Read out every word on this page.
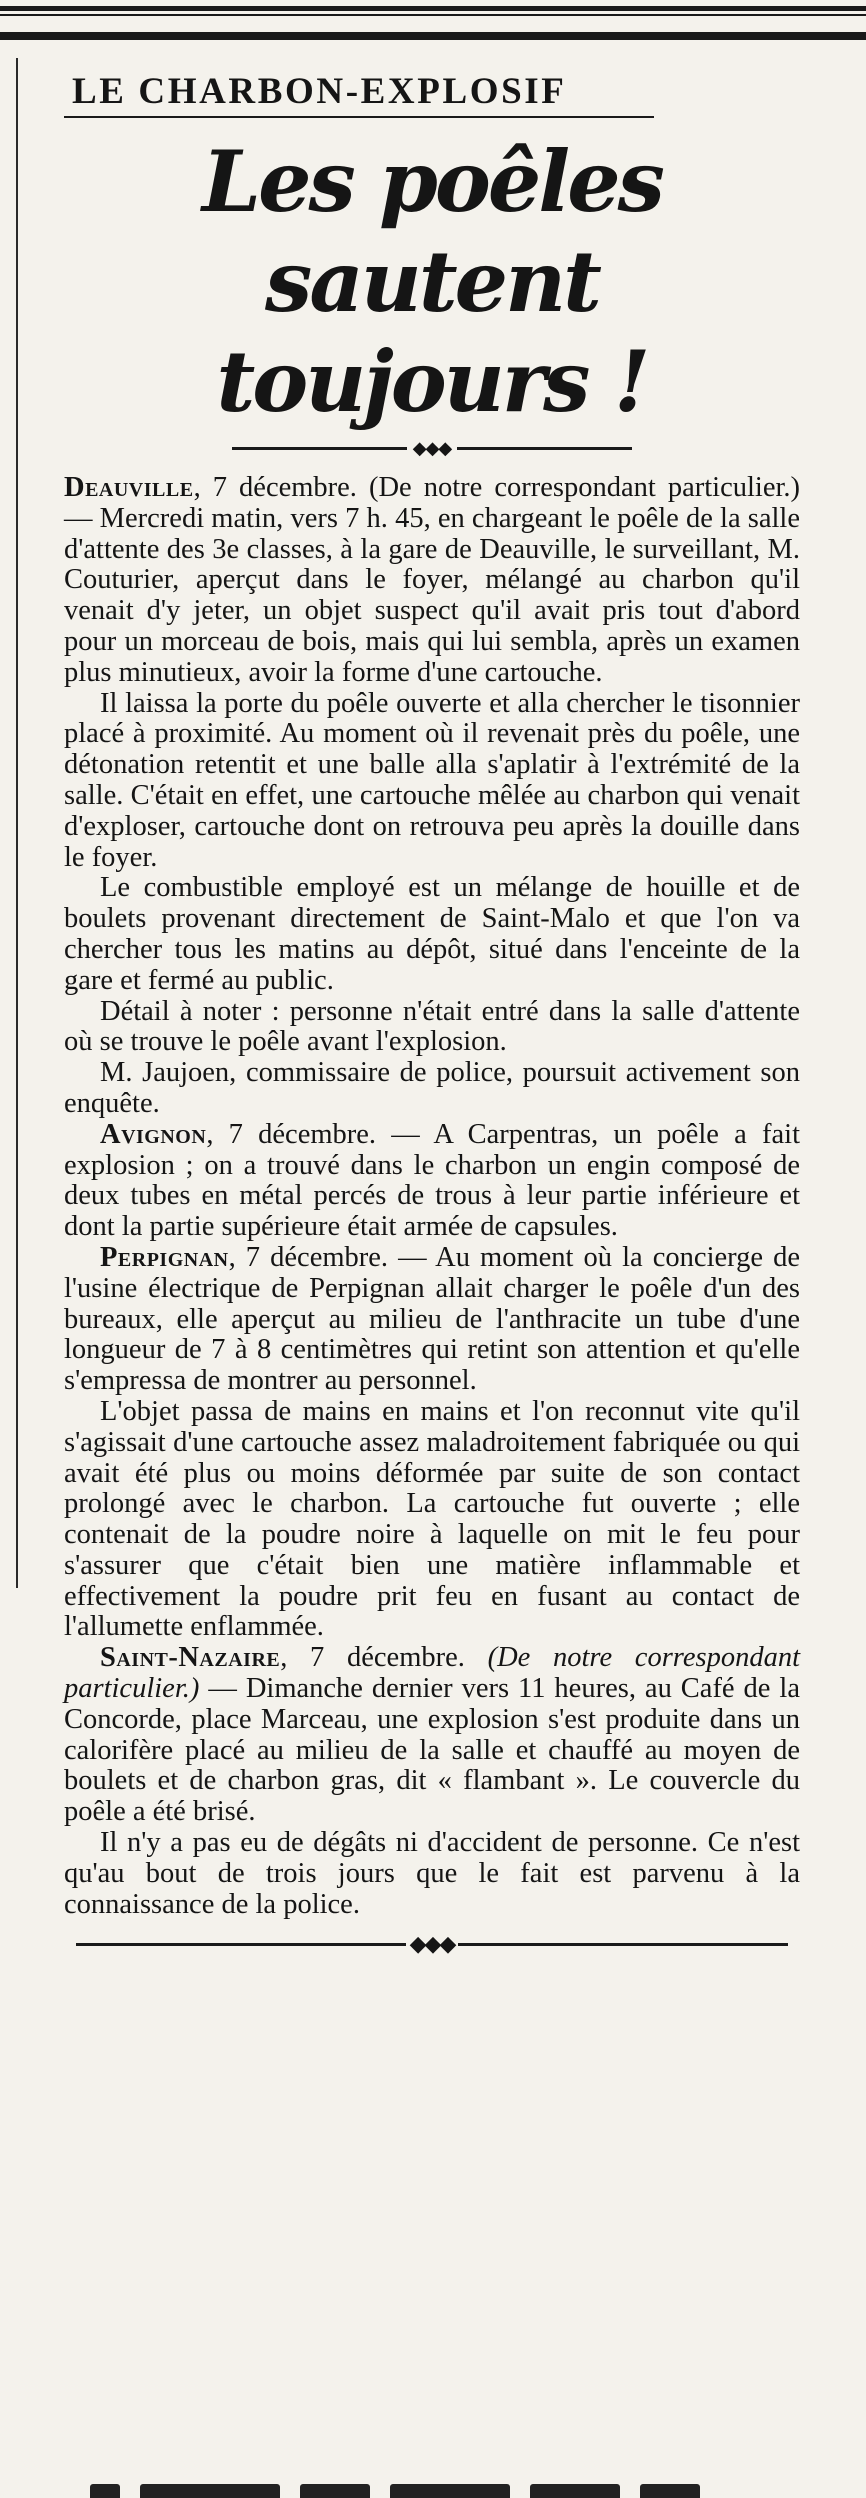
LE CHARBON-EXPLOSIF
Les poêles sautent
toujours !
◆◆◆

Deauville, 7 décembre. (De notre correspondant particulier.) — Mercredi matin, vers 7 h. 45, en chargeant le poêle de la salle d'attente des 3e classes, à la gare de Deauville, le surveillant, M. Couturier, aperçut dans le foyer, mélangé au charbon qu'il venait d'y jeter, un objet suspect qu'il avait pris tout d'abord pour un morceau de bois, mais qui lui sembla, après un examen plus minutieux, avoir la forme d'une cartouche.

Il laissa la porte du poêle ouverte et alla chercher le tisonnier placé à proximité. Au moment où il revenait près du poêle, une détonation retentit et une balle alla s'aplatir à l'extrémité de la salle. C'était en effet, une cartouche mêlée au charbon qui venait d'exploser, cartouche dont on retrouva peu après la douille dans le foyer.

Le combustible employé est un mélange de houille et de boulets provenant directement de Saint-Malo et que l'on va chercher tous les matins au dépôt, situé dans l'enceinte de la gare et fermé au public.

Détail à noter : personne n'était entré dans la salle d'attente où se trouve le poêle avant l'explosion.

M. Jaujoen, commissaire de police, poursuit activement son enquête.

Avignon, 7 décembre. — A Carpentras, un poêle a fait explosion ; on a trouvé dans le charbon un engin composé de deux tubes en métal percés de trous à leur partie inférieure et dont la partie supérieure était armée de capsules.

Perpignan, 7 décembre. — Au moment où la concierge de l'usine électrique de Perpignan allait charger le poêle d'un des bureaux, elle aperçut au milieu de l'anthracite un tube d'une longueur de 7 à 8 centimètres qui retint son attention et qu'elle s'empressa de montrer au personnel.

L'objet passa de mains en mains et l'on reconnut vite qu'il s'agissait d'une cartouche assez maladroitement fabriquée ou qui avait été plus ou moins déformée par suite de son contact prolongé avec le charbon. La cartouche fut ouverte ; elle contenait de la poudre noire à laquelle on mit le feu pour s'assurer que c'était bien une matière inflammable et effectivement la poudre prit feu en fusant au contact de l'allumette enflammée.

Saint-Nazaire, 7 décembre. (De notre correspondant particulier.) — Dimanche dernier vers 11 heures, au Café de la Concorde, place Marceau, une explosion s'est produite dans un calorifère placé au milieu de la salle et chauffé au moyen de boulets et de charbon gras, dit « flambant ». Le couvercle du poêle a été brisé.

Il n'y a pas eu de dégâts ni d'accident de personne. Ce n'est qu'au bout de trois jours que le fait est parvenu à la connaissance de la police.

◆◆◆
